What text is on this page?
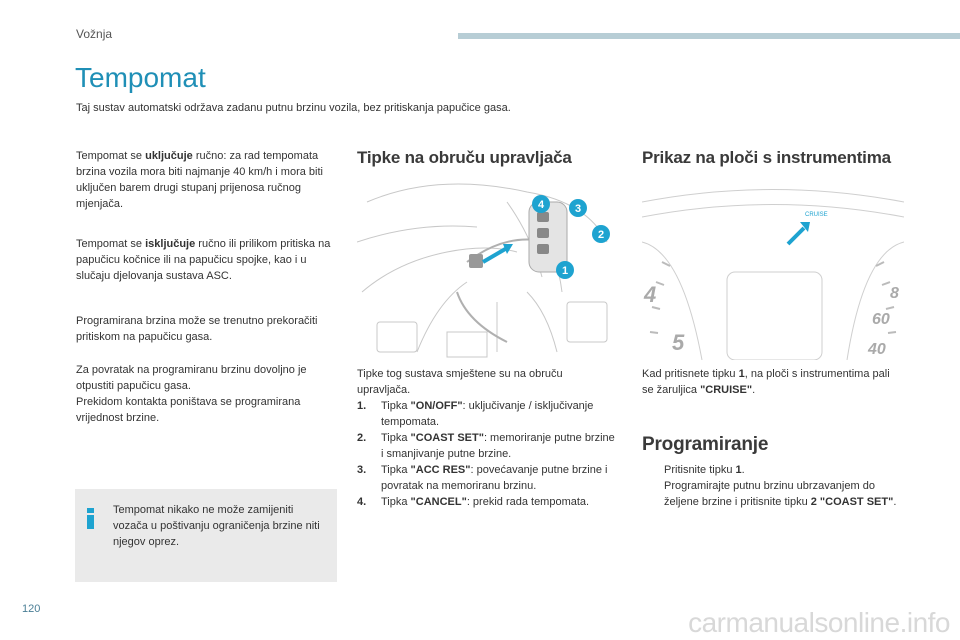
Vožnja
Tempomat
Taj sustav automatski održava zadanu putnu brzinu vozila, bez pritiskanja papučice gasa.
Tempomat se uključuje ručno: za rad tempomata brzina vozila mora biti najmanje 40 km/h i mora biti uključen barem drugi stupanj prijenosa ručnog mjenjača.
Tempomat se isključuje ručno ili prilikom pritiska na papučicu kočnice ili na papučicu spojke, kao i u slučaju djelovanja sustava ASC.
Programirana brzina može se trenutno prekoračiti pritiskom na papučicu gasa.
Za povratak na programiranu brzinu dovoljno je otpustiti papučicu gasa.
Prekidom kontakta poništava se programirana vrijednost brzine.
Tempomat nikako ne može zamijeniti vozača u poštivanju ograničenja brzine niti njegov oprez.
Tipke na obruču upravljača
4	3
2
1
Tipke tog sustava smještene su na obruču upravljača.
1. Tipka "ON/OFF": uključivanje / isključivanje tempomata.
2. Tipka "COAST SET": memoriranje putne brzine i smanjivanje putne brzine.
3. Tipka "ACC RES": povećavanje putne brzine i povratak na memoriranu brzinu.
4. Tipka "CANCEL": prekid rada tempomata.
Prikaz na ploči s instrumentima
4
5
8
60
40
CRUISE
Kad pritisnete tipku 1, na ploči s instrumentima pali se žaruljica "CRUISE".
Programiranje
Pritisnite tipku 1.
Programirajte putnu brzinu ubrzavanjem do željene brzine i pritisnite tipku 2 "COAST SET".
120	carmanualsonline.info
